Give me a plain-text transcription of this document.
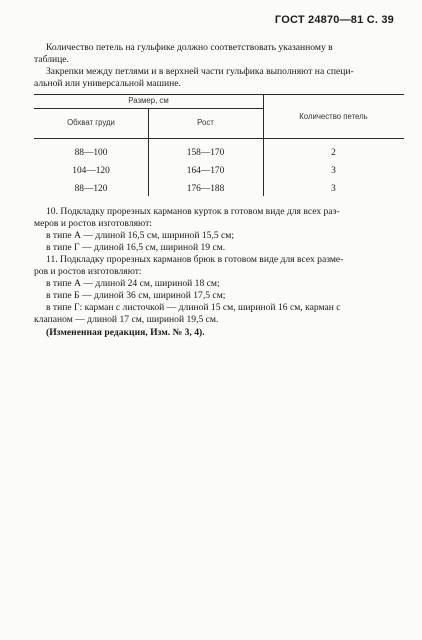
ГОСТ 24870—81 С. 39

Количество петель на гульфике должно соответствовать указанному в

таблице.

Закрепки между петлями и в верхней части гульфика выполняют на специ-

альной или универсальной машине.

Размер, см
Обхват груди	Рост
Количество петель
88—100	158—170	2
104—120	164—170	3
88—120	176—188	3

10. Подкладку прорезных карманов курток в готовом виде для всех раз-

меров и ростов изготовляют:

в типе А — длиной 16,5 см, шириной 15,5 см;

в типе Г — длиной 16,5 см, шириной 19 см.

11. Подкладку прорезных карманов брюк в готовом виде для всех разме-

ров и ростов изготовляют:

в типе А — длиной 24 см, шириной 18 см;

в типе Б — длиной 36 см, шириной 17,5 см;

в типе Г: карман с листочкой — длиной 15 см, шириной 16 см, карман с

клапаном — длиной 17 см, шириной 19,5 см.

(Измененная редакция, Изм. № 3, 4).
